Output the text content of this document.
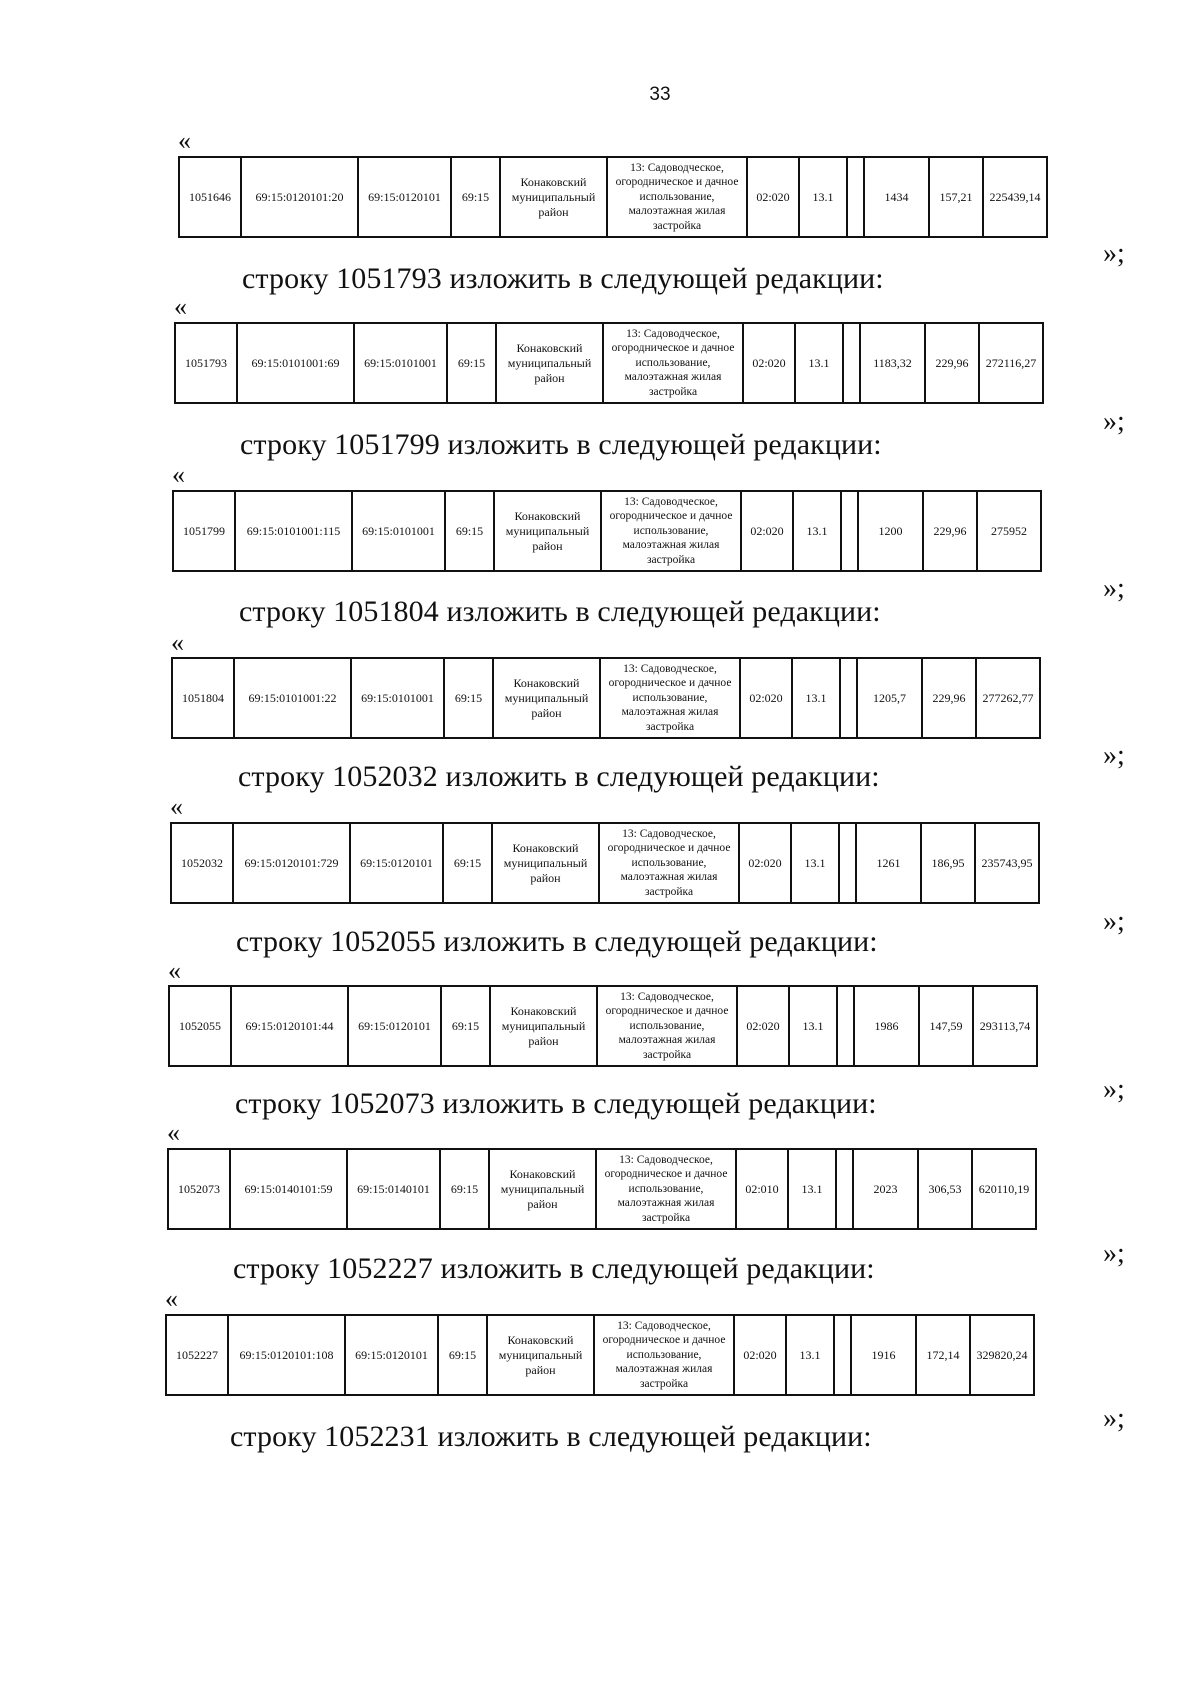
33
«
1051646	69:15:0120101:20	69:15:0120101	69:15	Конаковский муниципальный район	13: Садоводческое, огородническое и дачное использование, малоэтажная жилая застройка	02:020	13.1		1434	157,21	225439,14
»;
строку 1051793 изложить в следующей редакции:
«
1051793	69:15:0101001:69	69:15:0101001	69:15	Конаковский муниципальный район	13: Садоводческое, огородническое и дачное использование, малоэтажная жилая застройка	02:020	13.1		1183,32	229,96	272116,27
»;
строку 1051799 изложить в следующей редакции:
«
1051799	69:15:0101001:115	69:15:0101001	69:15	Конаковский муниципальный район	13: Садоводческое, огородническое и дачное использование, малоэтажная жилая застройка	02:020	13.1		1200	229,96	275952
»;
строку 1051804 изложить в следующей редакции:
«
1051804	69:15:0101001:22	69:15:0101001	69:15	Конаковский муниципальный район	13: Садоводческое, огородническое и дачное использование, малоэтажная жилая застройка	02:020	13.1		1205,7	229,96	277262,77
»;
строку 1052032 изложить в следующей редакции:
«
1052032	69:15:0120101:729	69:15:0120101	69:15	Конаковский муниципальный район	13: Садоводческое, огородническое и дачное использование, малоэтажная жилая застройка	02:020	13.1		1261	186,95	235743,95
»;
строку 1052055 изложить в следующей редакции:
«
1052055	69:15:0120101:44	69:15:0120101	69:15	Конаковский муниципальный район	13: Садоводческое, огородническое и дачное использование, малоэтажная жилая застройка	02:020	13.1		1986	147,59	293113,74
»;
строку 1052073 изложить в следующей редакции:
«
1052073	69:15:0140101:59	69:15:0140101	69:15	Конаковский муниципальный район	13: Садоводческое, огородническое и дачное использование, малоэтажная жилая застройка	02:010	13.1		2023	306,53	620110,19
»;
строку 1052227 изложить в следующей редакции:
«
1052227	69:15:0120101:108	69:15:0120101	69:15	Конаковский муниципальный район	13: Садоводческое, огородническое и дачное использование, малоэтажная жилая застройка	02:020	13.1		1916	172,14	329820,24
»;
строку 1052231 изложить в следующей редакции:
